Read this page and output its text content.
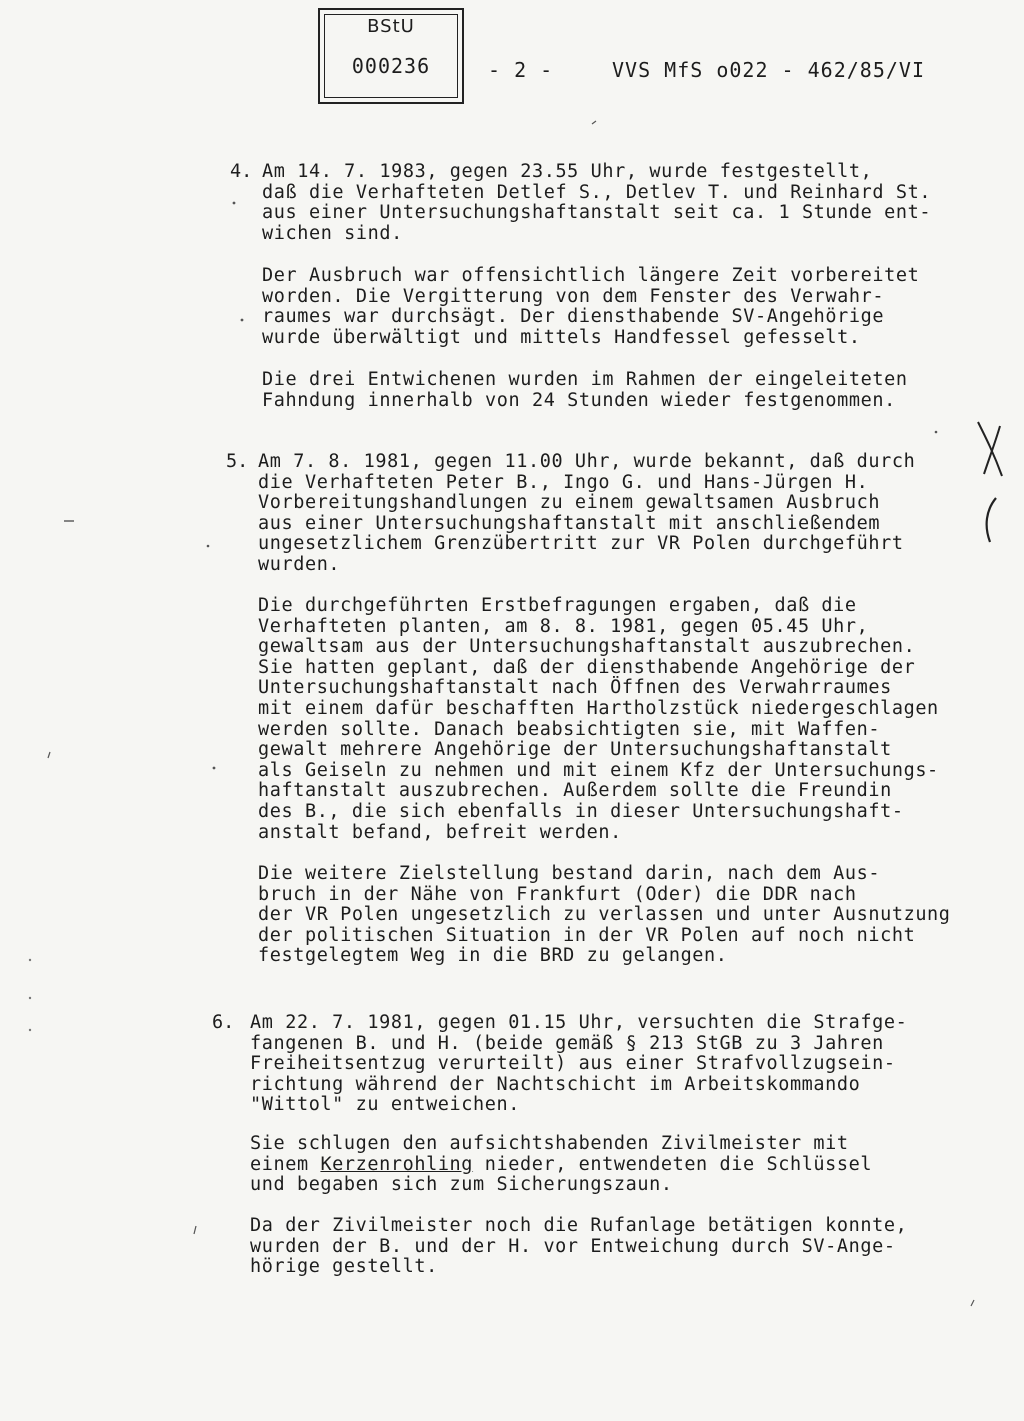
BStU
000236	- 2 -	VVS MfS o022 - 462/85/VI
4. Am 14. 7. 1983, gegen 23.55 Uhr, wurde festgestellt,
daß die Verhafteten Detlef S., Detlev T. und Reinhard St.
aus einer Untersuchungshaftanstalt seit ca. 1 Stunde ent-
wichen sind.
Der Ausbruch war offensichtlich längere Zeit vorbereitet
worden. Die Vergitterung von dem Fenster des Verwahr-
raumes war durchsägt. Der diensthabende SV-Angehörige
wurde überwältigt und mittels Handfessel gefesselt.
Die drei Entwichenen wurden im Rahmen der eingeleiteten
Fahndung innerhalb von 24 Stunden wieder festgenommen.
5. Am 7. 8. 1981, gegen 11.00 Uhr, wurde bekannt, daß durch
die Verhafteten Peter B., Ingo G. und Hans-Jürgen H.
Vorbereitungshandlungen zu einem gewaltsamen Ausbruch
aus einer Untersuchungshaftanstalt mit anschließendem
ungesetzlichem Grenzübertritt zur VR Polen durchgeführt
wurden.
Die durchgeführten Erstbefragungen ergaben, daß die
Verhafteten planten, am 8. 8. 1981, gegen 05.45 Uhr,
gewaltsam aus der Untersuchungshaftanstalt auszubrechen.
Sie hatten geplant, daß der diensthabende Angehörige der
Untersuchungshaftanstalt nach Öffnen des Verwahrraumes
mit einem dafür beschafften Hartholzstück niedergeschlagen
werden sollte. Danach beabsichtigten sie, mit Waffen-
gewalt mehrere Angehörige der Untersuchungshaftanstalt
als Geiseln zu nehmen und mit einem Kfz der Untersuchungs-
haftanstalt auszubrechen. Außerdem sollte die Freundin
des B., die sich ebenfalls in dieser Untersuchungshaft-
anstalt befand, befreit werden.
Die weitere Zielstellung bestand darin, nach dem Aus-
bruch in der Nähe von Frankfurt (Oder) die DDR nach
der VR Polen ungesetzlich zu verlassen und unter Ausnutzung
der politischen Situation in der VR Polen auf noch nicht
festgelegtem Weg in die BRD zu gelangen.
6. Am 22. 7. 1981, gegen 01.15 Uhr, versuchten die Strafge-
fangenen B. und H. (beide gemäß § 213 StGB zu 3 Jahren
Freiheitsentzug verurteilt) aus einer Strafvollzugsein-
richtung während der Nachtschicht im Arbeitskommando
"Wittol" zu entweichen.
Sie schlugen den aufsichtshabenden Zivilmeister mit
einem Kerzenrohling nieder, entwendeten die Schlüssel
und begaben sich zum Sicherungszaun.
Da der Zivilmeister noch die Rufanlage betätigen konnte,
wurden der B. und der H. vor Entweichung durch SV-Ange-
hörige gestellt.
